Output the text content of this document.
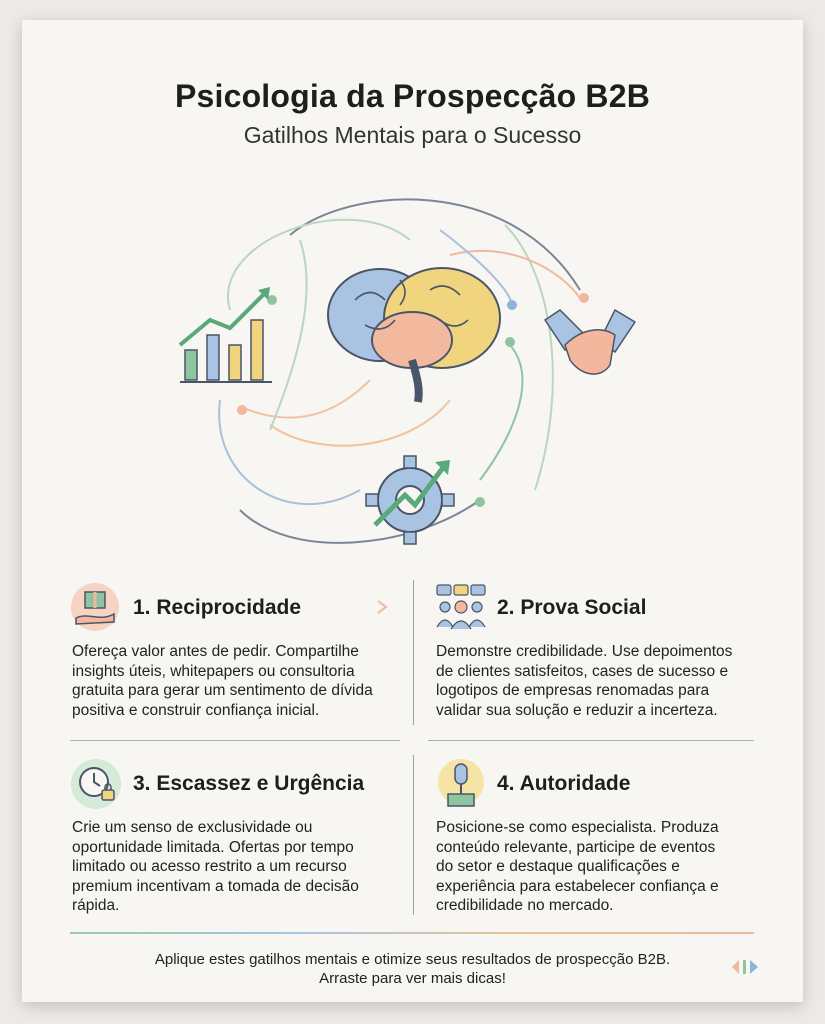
Psicologia da Prospecção B2B
Gatilhos Mentais para o Sucesso
1. Reciprocidade
Ofereça valor antes de pedir. Compartilhe
insights úteis, whitepapers ou consultoria
gratuita para gerar um sentimento de dívida
positiva e construir confiança inicial.
2. Prova Social
Demonstre credibilidade. Use depoimentos
de clientes satisfeitos, cases de sucesso e
logotipos de empresas renomadas para
validar sua solução e reduzir a incerteza.
3. Escassez e Urgência
Crie um senso de exclusividade ou
oportunidade limitada. Ofertas por tempo
limitado ou acesso restrito a um recurso
premium incentivam a tomada de decisão
rápida.
4. Autoridade
Posicione-se como especialista. Produza
conteúdo relevante, participe de eventos
do setor e destaque qualificações e
experiência para estabelecer confiança e
credibilidade no mercado.
Aplique estes gatilhos mentais e otimize seus resultados de prospecção B2B.
Arraste para ver mais dicas!
